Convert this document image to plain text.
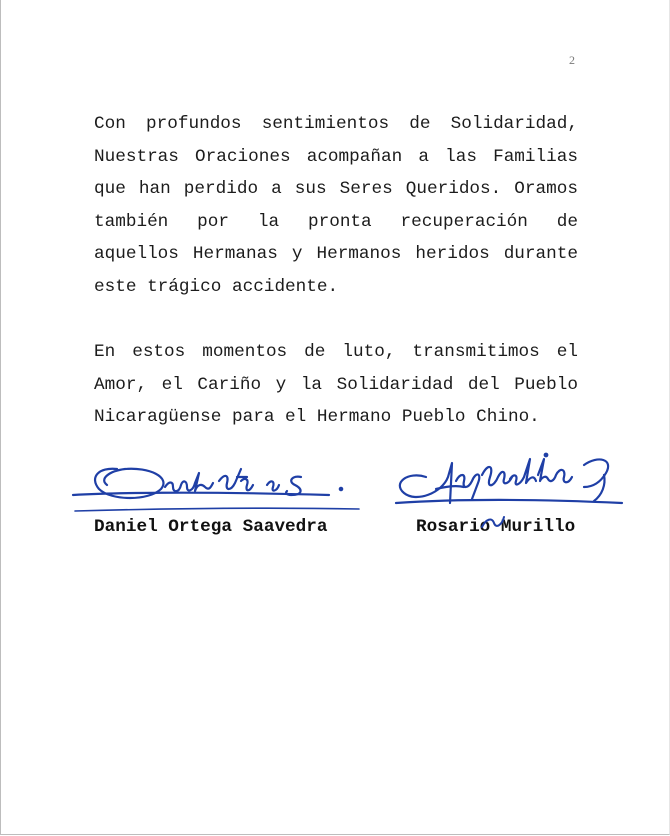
2

Con profundos sentimientos de Solidaridad, Nuestras Oraciones acompañan a las Familias que han perdido a sus Seres Queridos. Oramos también por la pronta recuperación de aquellos Hermanas y Hermanos heridos durante este trágico accidente.

En estos momentos de luto, transmitimos el Amor, el Cariño y la Solidaridad del Pueblo Nicaragüense para el Hermano Pueblo Chino.

Daniel Ortega Saavedra	Rosario Murillo
